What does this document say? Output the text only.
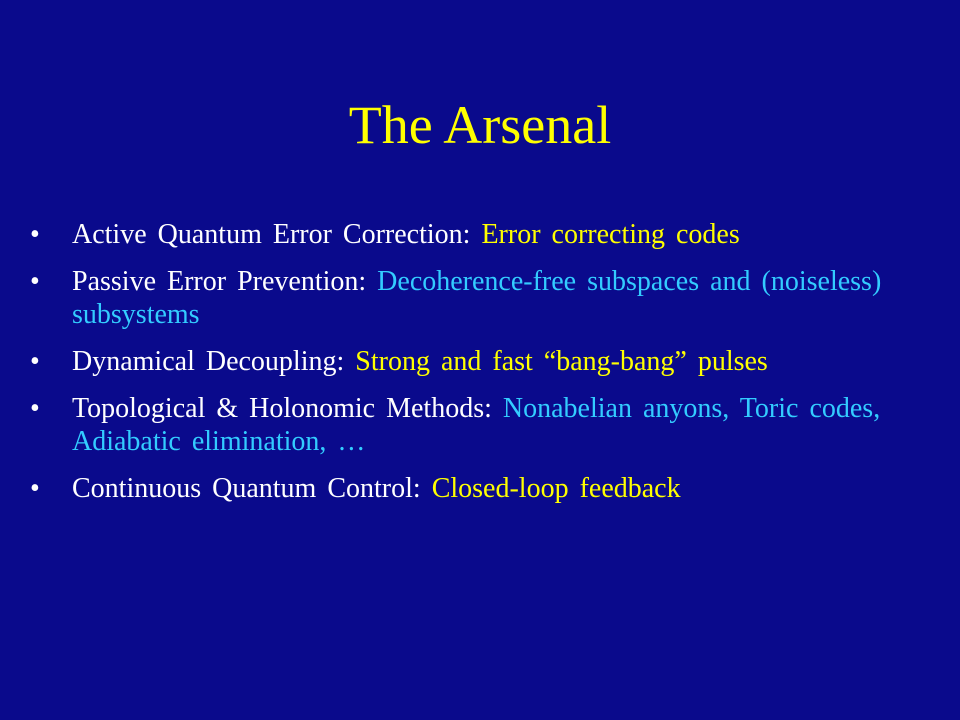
The Arsenal
• Active Quantum Error Correction: Error correcting codes
• Passive Error Prevention: Decoherence-free subspaces and (noiseless) subsystems
• Dynamical Decoupling: Strong and fast “bang-bang” pulses
• Topological & Holonomic Methods: Nonabelian anyons, Toric codes, Adiabatic elimination, …
• Continuous Quantum Control: Closed-loop feedback
